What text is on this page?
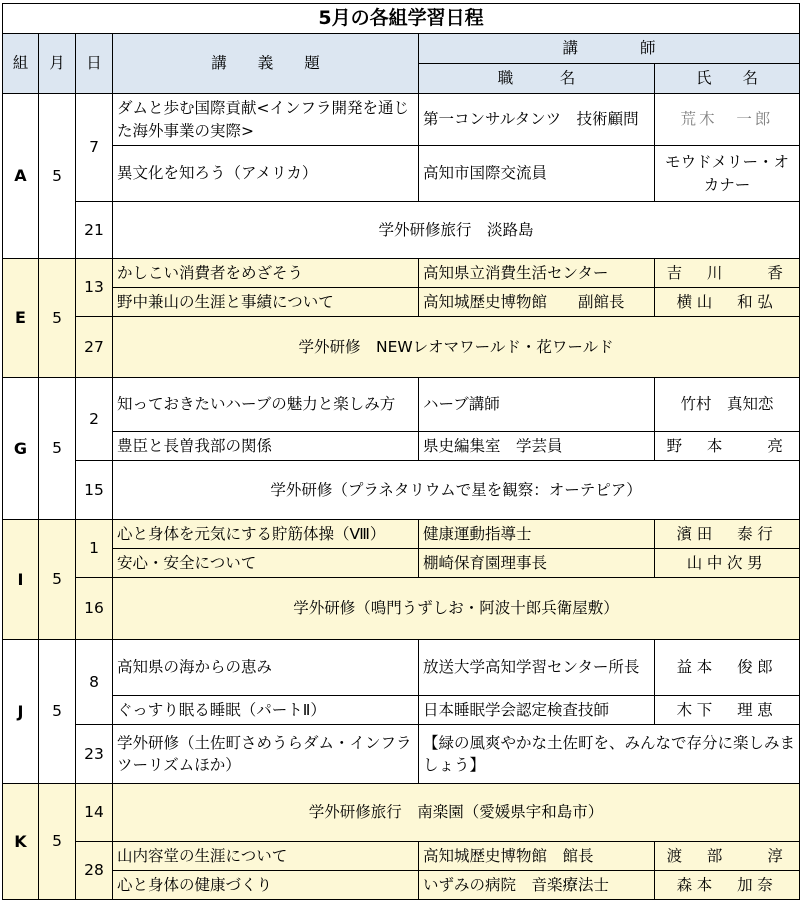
5月の各組学習日程					
組	月	日	講　　義　　題	講　　　　師	
				職　　　名	氏　　名
A	5	7	ダムと歩む国際貢献<インフラ開発を通じた海外事業の実際>	第一コンサルタンツ　技術顧問	荒木　一郎
			異文化を知ろう（アメリカ）	高知市国際交流員	モウドメリー・オカナー
		21	学外研修旅行　淡路島		
E	5	13	かしこい消費者をめざそう	高知県立消費生活センター	吉　川　　香
			野中兼山の生涯と事績について	高知城歴史博物館　　副館長	横山　和弘
		27	学外研修　NEWレオマワールド・花ワールド		
G	5	2	知っておきたいハーブの魅力と楽しみ方	ハーブ講師	竹村　真知恋
			豊臣と長曽我部の関係	県史編集室　学芸員	野　本　　亮
		15	学外研修（プラネタリウムで星を観察：オーテピア）		
I	5	1	心と身体を元気にする貯筋体操（Ⅷ）	健康運動指導士	濱田　泰行
			安心・安全について	棚崎保育園理事長	山中次男
		16	学外研修（鳴門うずしお・阿波十郎兵衛屋敷）		
J	5	8	高知県の海からの恵み	放送大学高知学習センター所長	益本　俊郎
			ぐっすり眠る睡眠（パートⅡ）	日本睡眠学会認定検査技師	木下　理恵
		23	学外研修（土佐町さめうらダム・インフラツーリズムほか）	【緑の風爽やかな土佐町を、みんなで存分に楽しみましょう】	
K	5	14	学外研修旅行　南楽園（愛媛県宇和島市）		
		28	山内容堂の生涯について	高知城歴史博物館　館長	渡　部　　淳
			心と身体の健康づくり	いずみの病院　音楽療法士	森本　加奈
